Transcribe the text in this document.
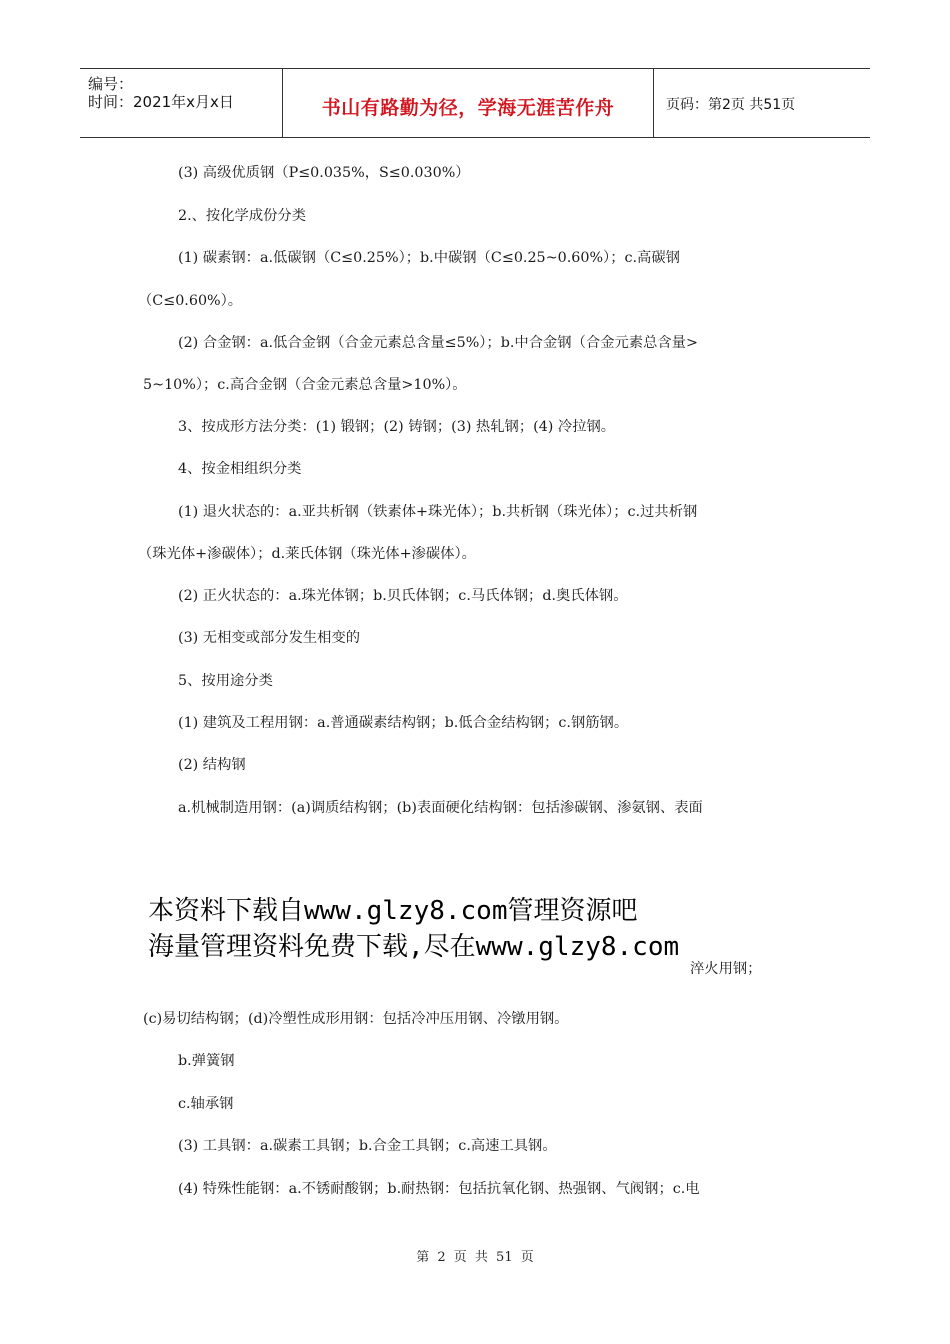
编号：
时间：2021年x月x日	书山有路勤为径，学海无涯苦作舟	页码：第2页 共51页
(3) 高级优质钢（P≤0.035%，S≤0.030%）
2.、按化学成份分类
(1) 碳素钢：a.低碳钢（C≤0.25%）；b.中碳钢（C≤0.25~0.60%）；c.高碳钢
（C≤0.60%）。
(2) 合金钢：a.低合金钢（合金元素总含量≤5%）；b.中合金钢（合金元素总含量>
5~10%）；c.高合金钢（合金元素总含量>10%）。
3、按成形方法分类：(1) 锻钢；(2) 铸钢；(3) 热轧钢；(4) 冷拉钢。
4、按金相组织分类
(1) 退火状态的：a.亚共析钢（铁素体+珠光体）；b.共析钢（珠光体）；c.过共析钢
（珠光体+渗碳体）；d.莱氏体钢（珠光体+渗碳体）。
(2) 正火状态的：a.珠光体钢；b.贝氏体钢；c.马氏体钢；d.奥氏体钢。
(3) 无相变或部分发生相变的
5、按用途分类
(1) 建筑及工程用钢：a.普通碳素结构钢；b.低合金结构钢；c.钢筋钢。
(2) 结构钢
a.机械制造用钢：(a)调质结构钢；(b)表面硬化结构钢：包括渗碳钢、渗氨钢、表面
本资料下载自www.glzy8.com管理资源吧
海量管理资料免费下载,尽在www.glzy8.com
淬火用钢；
(c)易切结构钢；(d)冷塑性成形用钢：包括冷冲压用钢、冷镦用钢。
b.弹簧钢
c.轴承钢
(3) 工具钢：a.碳素工具钢；b.合金工具钢；c.高速工具钢。
(4) 特殊性能钢：a.不锈耐酸钢；b.耐热钢：包括抗氧化钢、热强钢、气阀钢；c.电
第 2 页 共 51 页
